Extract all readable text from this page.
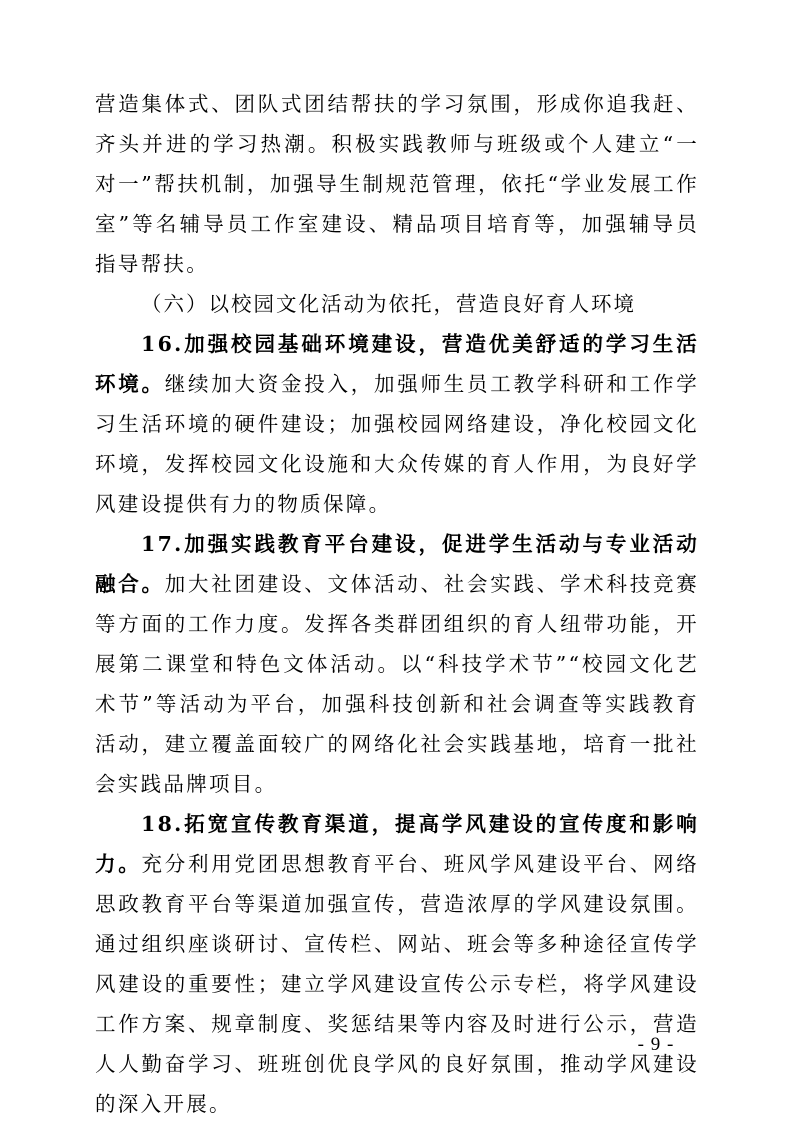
营造集体式、团队式团结帮扶的学习氛围，形成你追我赶、齐头并进的学习热潮。积极实践教师与班级或个人建立“一对一”帮扶机制，加强导生制规范管理，依托“学业发展工作室”等名辅导员工作室建设、精品项目培育等，加强辅导员指导帮扶。

（六）以校园文化活动为依托，营造良好育人环境

16.加强校园基础环境建设，营造优美舒适的学习生活环境。继续加大资金投入，加强师生员工教学科研和工作学习生活环境的硬件建设；加强校园网络建设，净化校园文化环境，发挥校园文化设施和大众传媒的育人作用，为良好学风建设提供有力的物质保障。

17.加强实践教育平台建设，促进学生活动与专业活动融合。加大社团建设、文体活动、社会实践、学术科技竞赛等方面的工作力度。发挥各类群团组织的育人纽带功能，开展第二课堂和特色文体活动。以“科技学术节”“校园文化艺术节”等活动为平台，加强科技创新和社会调查等实践教育活动，建立覆盖面较广的网络化社会实践基地，培育一批社会实践品牌项目。

18.拓宽宣传教育渠道，提高学风建设的宣传度和影响力。充分利用党团思想教育平台、班风学风建设平台、网络思政教育平台等渠道加强宣传，营造浓厚的学风建设氛围。通过组织座谈研讨、宣传栏、网站、班会等多种途径宣传学风建设的重要性；建立学风建设宣传公示专栏，将学风建设工作方案、规章制度、奖惩结果等内容及时进行公示，营造人人勤奋学习、班班创优良学风的良好氛围，推动学风建设的深入开展。

- 9 -
